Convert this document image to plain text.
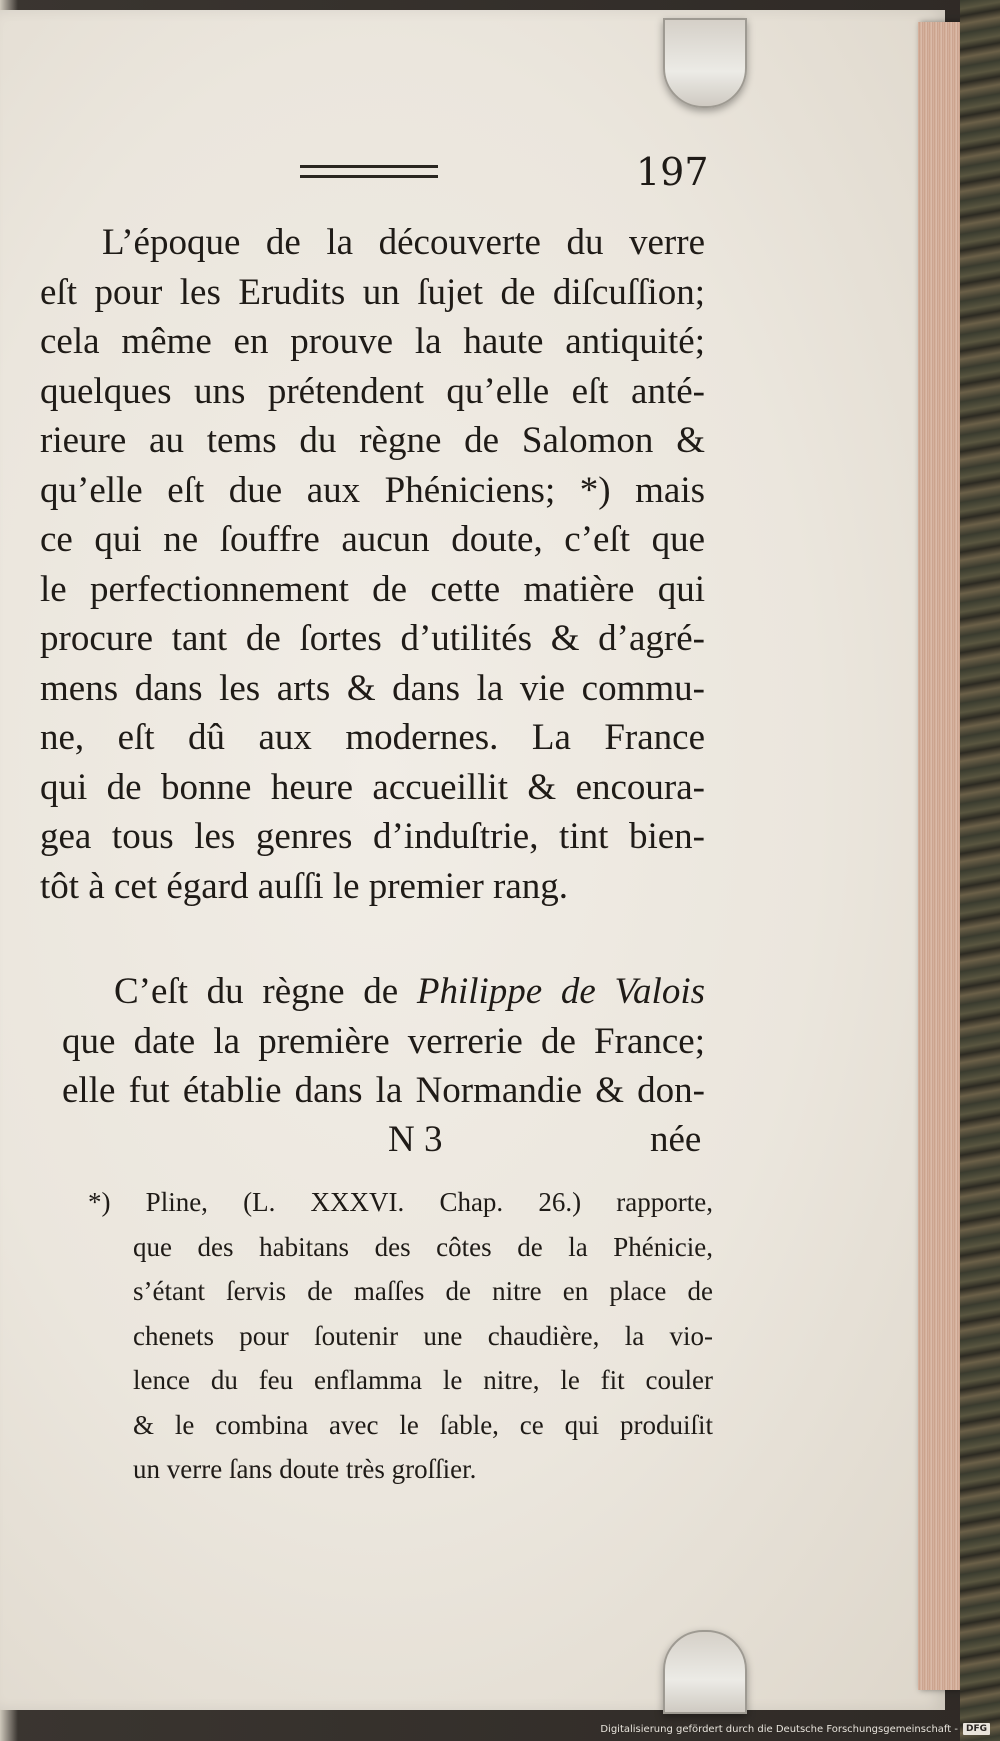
197
L’époque de la découverte du verre
eſt pour les Erudits un ſujet de diſcuſſion;
cela même en prouve la haute antiquité;
quelques uns prétendent qu’elle eſt anté-
rieure au tems du règne de Salomon &
qu’elle eſt due aux Phéniciens; *) mais
ce qui ne ſouffre aucun doute, c’eſt que
le perfectionnement de cette matière qui
procure tant de ſortes d’utilités & d’agré-
mens dans les arts & dans la vie commu-
ne, eſt dû aux modernes. La France
qui de bonne heure accueillit & encoura-
gea tous les genres d’induſtrie, tint bien-
tôt à cet égard auſſi le premier rang.
C’eſt du règne de Philippe de Valois
que date la première verrerie de France;
elle fut établie dans la Normandie & don-
N 3	née
*) Pline, (L. XXXVI. Chap. 26.) rapporte,
que des habitans des côtes de la Phénicie,
s’étant ſervis de maſſes de nitre en place de
chenets pour ſoutenir une chaudière, la vio-
lence du feu enflamma le nitre, le fit couler
& le combina avec le ſable, ce qui produiſit
un verre ſans doute très groſſier.
Digitalisierung gefördert durch die Deutsche Forschungsgemeinschaft - DFG
